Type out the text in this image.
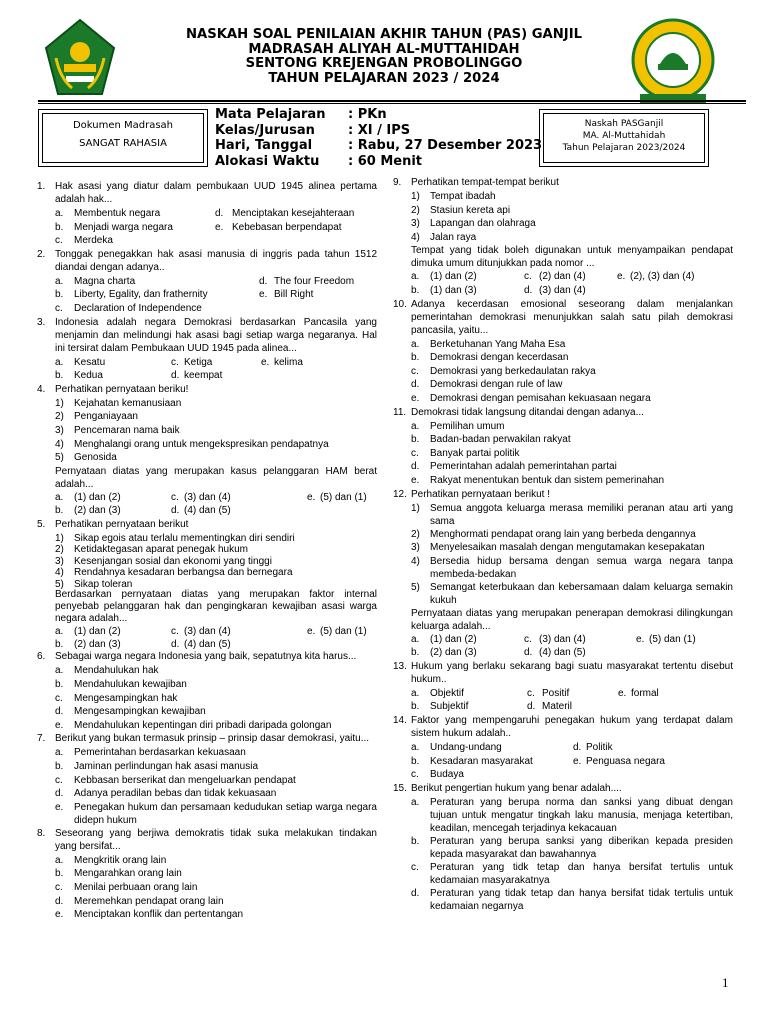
NASKAH SOAL PENILAIAN AKHIR TAHUN (PAS) GANJIL
MADRASAH ALIYAH AL-MUTTAHIDAH
SENTONG KREJENGAN PROBOLINGGO
TAHUN PELAJARAN 2023 / 2024
Dokumen Madrasah
SANGAT RAHASIA
Mata Pelajaran : PKn
Kelas/Jurusan	: XI / IPS
Hari, Tanggal	: Rabu, 27 Desember 2023
Alokasi Waktu : 60 Menit
Naskah PASGanjil
MA. Al-Muttahidah
Tahun Pelajaran 2023/2024
1. Hak asasi yang diatur dalam pembukaan UUD 1945 alinea pertama adalah hak...
a. Membentuk negara	d. Menciptakan kesejahteraan
b. Menjadi warga negara	e. Kebebasan berpendapat
c. Merdeka
2. Tonggak penegakkan hak asasi manusia di inggris pada tahun 1512 diandai dengan adanya..
a. Magna charta	d. The four Freedom
b. Liberty, Egality, dan frathernity	e. Bill Right
c. Declaration of Independence
3. Indonesia adalah negara Demokrasi berdasarkan Pancasila yang menjamin dan melindungi hak asasi bagi setiap warga negaranya. Hal ini tersirat dalam Pembukaan UUD 1945 pada alinea...
a. Kesatu	c. Ketiga	e. kelima
b. Kedua	d. keempat
4. Perhatikan pernyataan beriku!
1) Kejahatan kemanusiaan
2) Penganiayaan
3) Pencemaran nama baik
4) Menghalangi orang untuk mengekspresikan pendapatnya
5) Genosida
Pernyataan diatas yang merupakan kasus pelanggaran HAM berat adalah...
a. (1) dan (2)	c. (3) dan (4)	e. (5) dan (1)
b. (2) dan (3)	d. (4) dan (5)
5. Perhatikan pernyataan berikut
1) Sikap egois atau terlalu mementingkan diri sendiri
2) Ketidaktegasan aparat penegak hukum
3) Kesenjangan sosial dan ekonomi yang tinggi
4) Rendahnya kesadaran berbangsa dan bernegara
5) Sikap toleran
Berdasarkan pernyataan diatas yang merupakan faktor internal penyebab pelanggaran hak dan pengingkaran kewajiban asasi warga negara adalah...
a. (1) dan (2)	c. (3) dan (4)	e. (5) dan (1)
b. (2) dan (3)	d. (4) dan (5)
6. Sebagai warga negara Indonesia yang baik, sepatutnya kita harus...
a. Mendahulukan hak
b. Mendahulukan kewajiban
c. Mengesampingkan hak
d. Mengesampingkan kewajiban
e. Mendahulukan kepentingan diri pribadi daripada golongan
7. Berikut yang bukan termasuk prinsip – prinsip dasar demokrasi, yaitu...
a. Pemerintahan berdasarkan kekuasaan
b. Jaminan perlindungan hak asasi manusia
c. Kebbasan berserikat dan mengeluarkan pendapat
d. Adanya peradilan bebas dan tidak kekuasaan
e. Penegakan hukum dan persamaan kedudukan setiap warga negara didepn hukum
8. Seseorang yang berjiwa demokratis tidak suka melakukan tindakan yang bersifat...
a. Mengkritik orang lain
b. Mengarahkan orang lain
c. Menilai perbuaan orang lain
d. Meremehkan pendapat orang lain
e. Menciptakan konflik dan pertentangan
9. Perhatikan tempat-tempat berikut
1) Tempat ibadah
2) Stasiun kereta api
3) Lapangan dan olahraga
4) Jalan raya
Tempat yang tidak boleh digunakan untuk menyampaikan pendapat dimuka umum ditunjukkan pada nomor ...
a. (1) dan (2)	c. (2) dan (4)	e. (2), (3) dan (4)
b. (1) dan (3)	d. (3) dan (4)
10. Adanya kecerdasan emosional seseorang dalam menjalankan pemerintahan demokrasi menunjukkan salah satu pilah demokrasi pancasila, yaitu...
a. Berketuhanan Yang Maha Esa
b. Demokrasi dengan kecerdasan
c. Demokrasi yang berkedaulatan rakya
d. Demokrasi dengan rule of law
e. Demokrasi dengan pemisahan kekuasaan negara
11. Demokrasi tidak langsung ditandai dengan adanya...
a. Pemilihan umum
b. Badan-badan perwakilan rakyat
c. Banyak partai politik
d. Pemerintahan adalah pemerintahan partai
e. Rakyat menentukan bentuk dan sistem pemerinahan
12. Perhatikan pernyataan berikut !
1) Semua anggota keluarga merasa memiliki peranan atau arti yang sama
2) Menghormati pendapat orang lain yang berbeda dengannya
3) Menyelesaikan masalah dengan mengutamakan kesepakatan
4) Bersedia hidup bersama dengan semua warga negara tanpa membeda-bedakan
5) Semangat keterbukaan dan kebersamaan dalam keluarga semakin kukuh
Pernyataan diatas yang merupakan penerapan demokrasi dilingkungan keluarga adalah...
a. (1) dan (2)	c. (3) dan (4)	e. (5) dan (1)
b. (2) dan (3)	d. (4) dan (5)
13. Hukum yang berlaku sekarang bagi suatu masyarakat tertentu disebut hukum..
a. Objektif	c. Positif	e. formal
b. Subjektif	d. Materil
14. Faktor yang mempengaruhi penegakan hukum yang terdapat dalam sistem hukum adalah..
a. Undang-undang	d. Politik
b. Kesadaran masyarakat	e. Penguasa negara
c. Budaya
15. Berikut pengertian hukum yang benar adalah....
a. Peraturan yang berupa norma dan sanksi yang dibuat dengan tujuan untuk mengatur tingkah laku manusia, menjaga ketertiban, keadilan, mencegah terjadinya kekacauan
b. Peraturan yang berupa sanksi yang diberikan kepada presiden kepada masyarakat dan bawahannya
c. Peraturan yang tidk tetap dan hanya bersifat tertulis untuk kedamaian masyarakatnya
d. Peraturan yang tidak tetap dan hanya bersifat tidak tertulis untuk kedamaian negarnya
1
